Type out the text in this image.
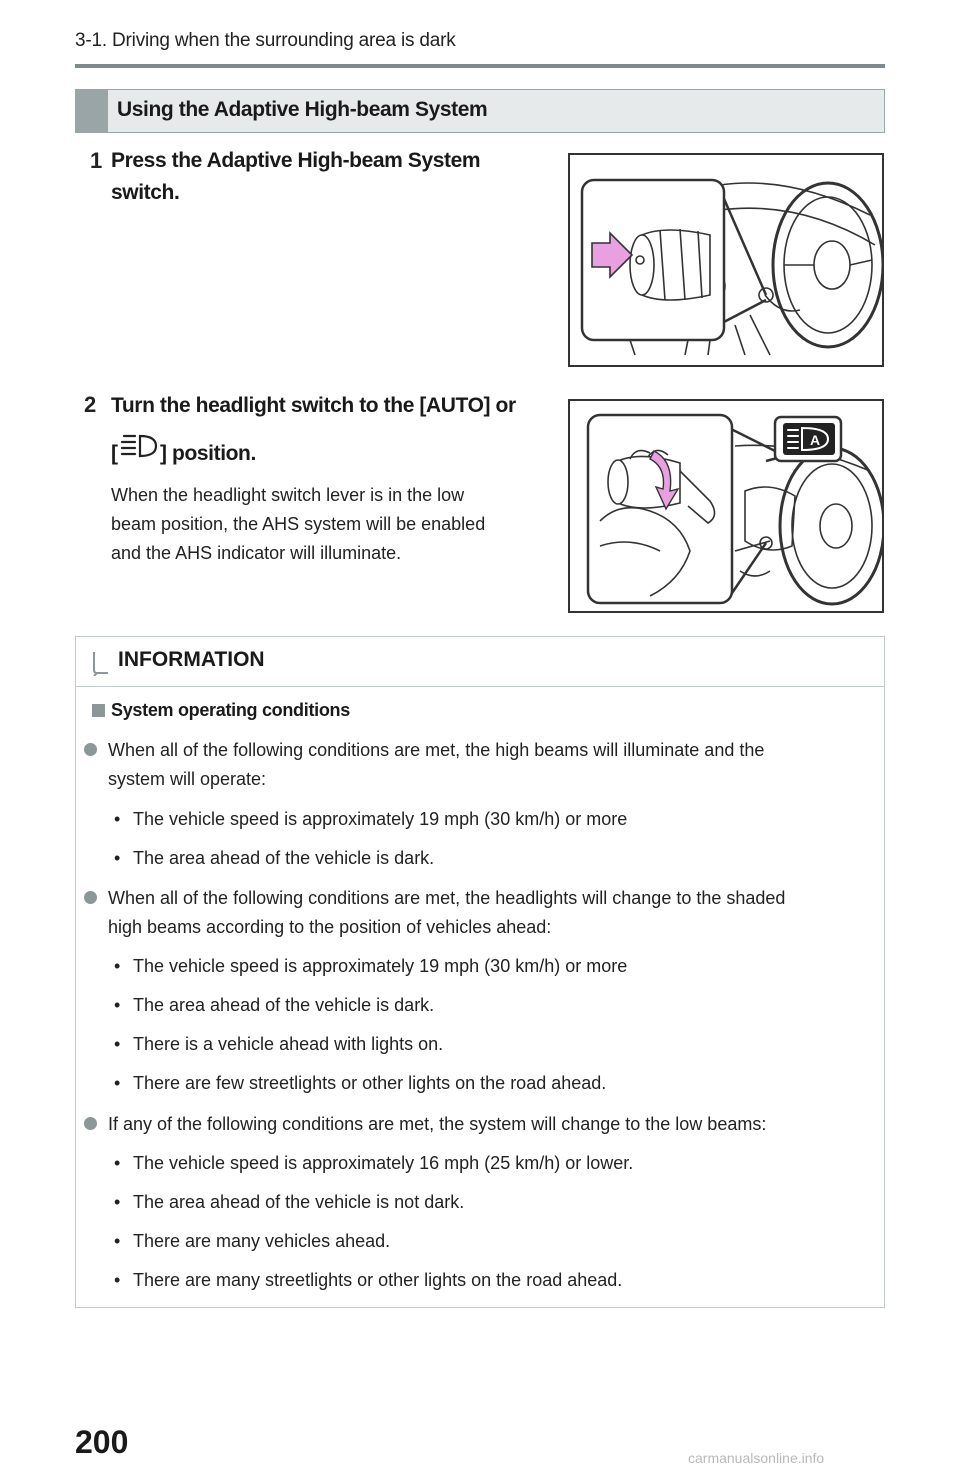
3-1. Driving when the surrounding area is dark
Using the Adaptive High-beam System
1 Press the Adaptive High-beam System
switch.
2 Turn the headlight switch to the [AUTO] or
[ ] position.
When the headlight switch lever is in the low
beam position, the AHS system will be enabled
and the AHS indicator will illuminate.
A
INFORMATION
System operating conditions
When all of the following conditions are met, the high beams will illuminate and the
system will operate:
• The vehicle speed is approximately 19 mph (30 km/h) or more
• The area ahead of the vehicle is dark.
When all of the following conditions are met, the headlights will change to the shaded
high beams according to the position of vehicles ahead:
• The vehicle speed is approximately 19 mph (30 km/h) or more
• The area ahead of the vehicle is dark.
• There is a vehicle ahead with lights on.
• There are few streetlights or other lights on the road ahead.
If any of the following conditions are met, the system will change to the low beams:
• The vehicle speed is approximately 16 mph (25 km/h) or lower.
• The area ahead of the vehicle is not dark.
• There are many vehicles ahead.
• There are many streetlights or other lights on the road ahead.
200	carmanualsonline.info
